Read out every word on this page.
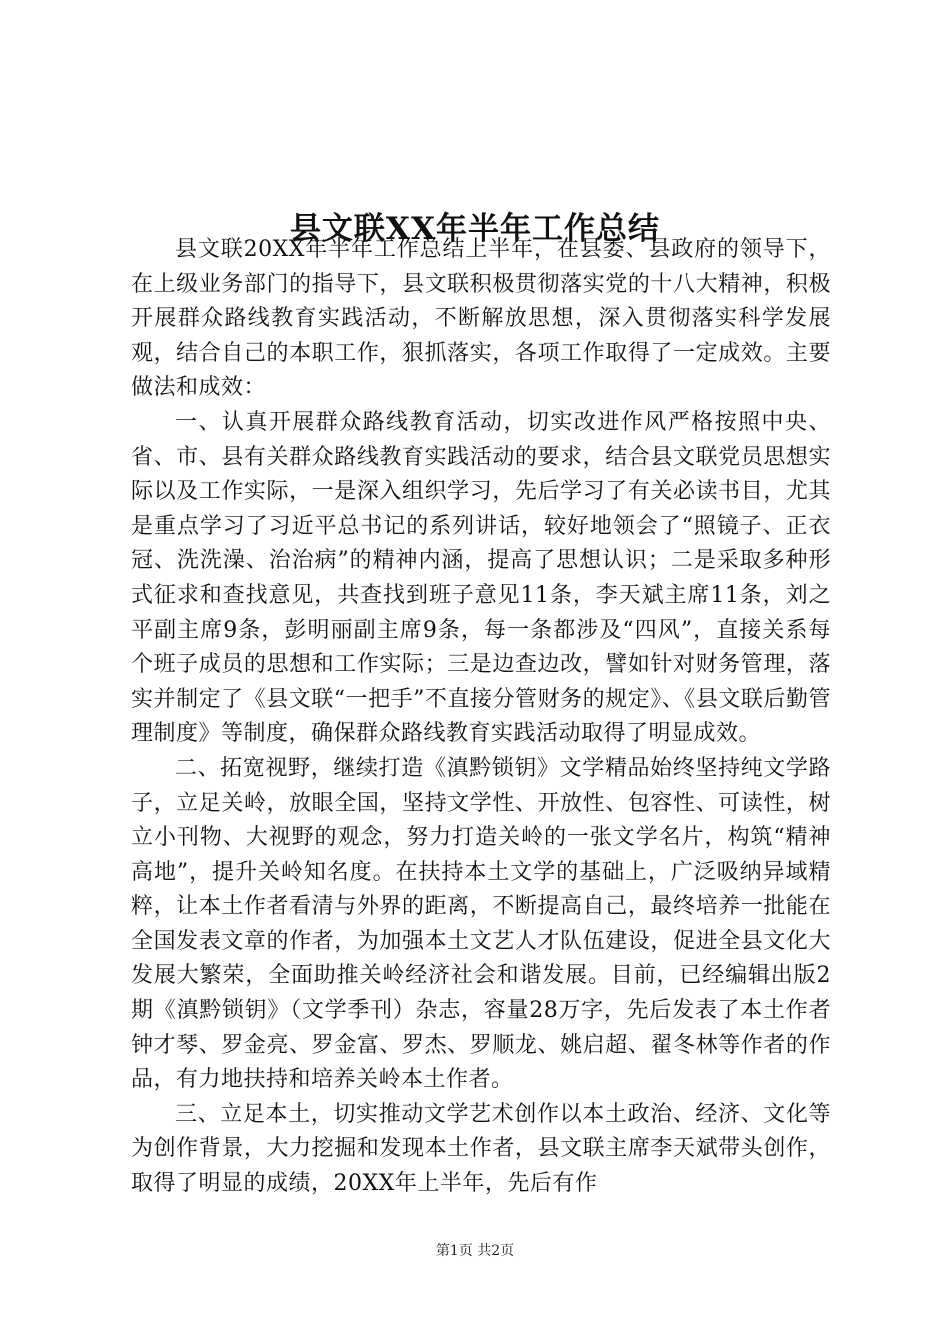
县文联XX年半年工作总结

县文联20XX年半年工作总结上半年，在县委、县政府的领导下，在上级业务部门的指导下，县文联积极贯彻落实党的十八大精神，积极开展群众路线教育实践活动，不断解放思想，深入贯彻落实科学发展观，结合自己的本职工作，狠抓落实，各项工作取得了一定成效。主要做法和成效：

一、认真开展群众路线教育活动，切实改进作风严格按照中央、省、市、县有关群众路线教育实践活动的要求，结合县文联党员思想实际以及工作实际，一是深入组织学习，先后学习了有关必读书目，尤其是重点学习了习近平总书记的系列讲话，较好地领会了“照镜子、正衣冠、洗洗澡、治治病”的精神内涵，提高了思想认识；二是采取多种形式征求和查找意见，共查找到班子意见11条，李天斌主席11条，刘之平副主席9条，彭明丽副主席9条，每一条都涉及“四风”，直接关系每个班子成员的思想和工作实际；三是边查边改，譬如针对财务管理，落实并制定了《县文联“一把手”不直接分管财务的规定》、《县文联后勤管理制度》等制度，确保群众路线教育实践活动取得了明显成效。

二、拓宽视野，继续打造《滇黔锁钥》文学精品始终坚持纯文学路子，立足关岭，放眼全国，坚持文学性、开放性、包容性、可读性，树立小刊物、大视野的观念，努力打造关岭的一张文学名片，构筑“精神高地”，提升关岭知名度。在扶持本土文学的基础上，广泛吸纳异域精粹，让本土作者看清与外界的距离，不断提高自己，最终培养一批能在全国发表文章的作者，为加强本土文艺人才队伍建设，促进全县文化大发展大繁荣，全面助推关岭经济社会和谐发展。目前，已经编辑出版2期《滇黔锁钥》（文学季刊）杂志，容量28万字，先后发表了本土作者钟才琴、罗金亮、罗金富、罗杰、罗顺龙、姚启超、翟冬林等作者的作品，有力地扶持和培养关岭本土作者。

三、立足本土，切实推动文学艺术创作以本土政治、经济、文化等为创作背景，大力挖掘和发现本土作者，县文联主席李天斌带头创作，取得了明显的成绩，20XX年上半年，先后有作

第1页 共2页
